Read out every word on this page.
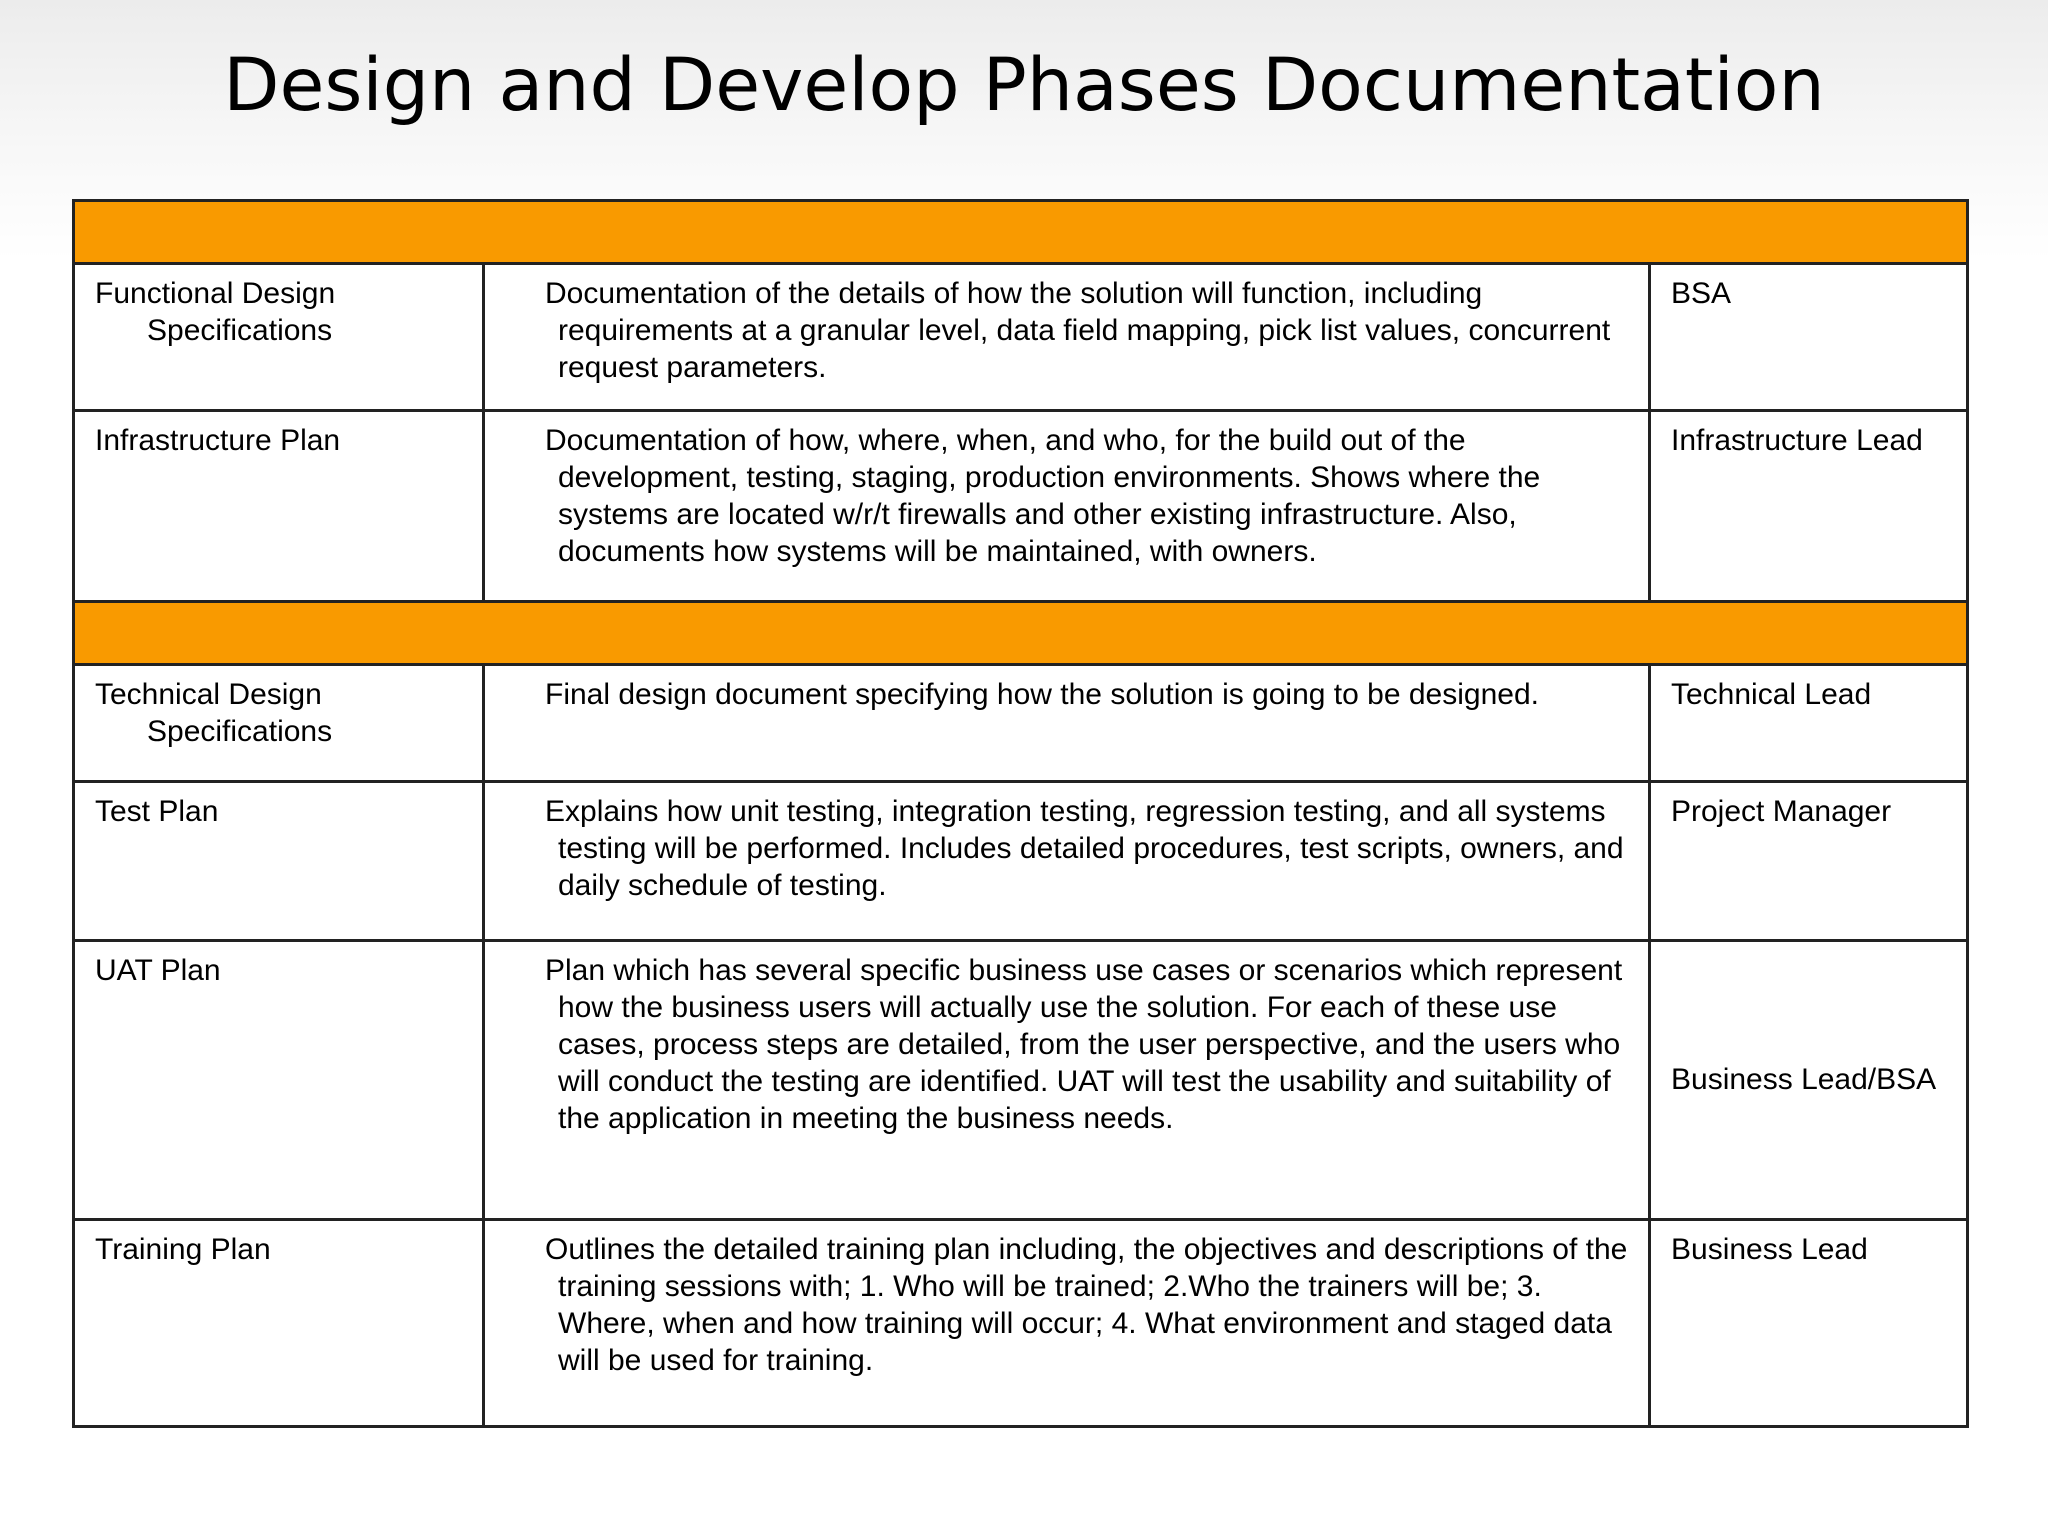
Design and Develop Phases Documentation

Functional Design Specifications	Documentation of the details of how the solution will function, including requirements at a granular level, data field mapping, pick list values, concurrent request parameters.	BSA

Infrastructure Plan	Documentation of how, where, when, and who, for the build out of the development, testing, staging, production environments. Shows where the systems are located w/r/t firewalls and other existing infrastructure. Also, documents how systems will be maintained, with owners.	Infrastructure Lead

Technical Design Specifications	Final design document specifying how the solution is going to be designed.	Technical Lead

Test Plan	Explains how unit testing, integration testing, regression testing, and all systems testing will be performed. Includes detailed procedures, test scripts, owners, and daily schedule of testing.	Project Manager

UAT Plan	Plan which has several specific business use cases or scenarios which represent how the business users will actually use the solution. For each of these use cases, process steps are detailed, from the user perspective, and the users who will conduct the testing are identified. UAT will test the usability and suitability of the application in meeting the business needs.	Business Lead/BSA

Training Plan	Outlines the detailed training plan including, the objectives and descriptions of the training sessions with; 1. Who will be trained; 2.Who the trainers will be; 3. Where, when and how training will occur; 4. What environment and staged data will be used for training.	Business Lead
